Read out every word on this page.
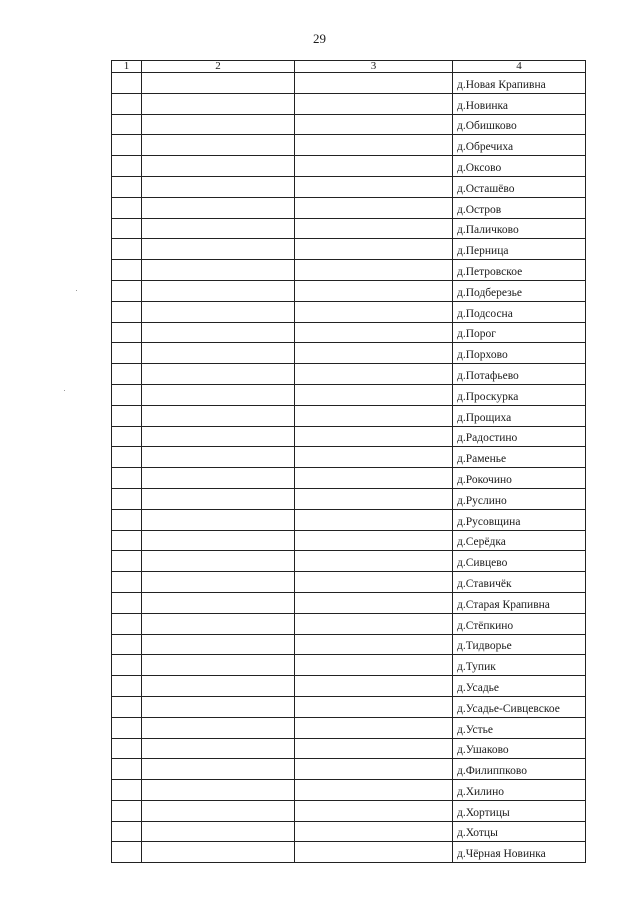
29
1	2	3	4
			д.Новая Крапивна
			д.Новинка
			д.Обишково
			д.Обречиха
			д.Оксово
			д.Осташёво
			д.Остров
			д.Паличково
			д.Перница
			д.Петровское
			д.Подберезье
			д.Подсосна
			д.Порог
			д.Порхово
			д.Потафьево
			д.Проскурка
			д.Прощиха
			д.Радостино
			д.Раменье
			д.Рокочино
			д.Руслино
			д.Русовщина
			д.Серёдка
			д.Сивцево
			д.Ставичёк
			д.Старая Крапивна
			д.Стёпкино
			д.Тидворье
			д.Тупик
			д.Усадье
			д.Усадье-Сивцевское
			д.Устье
			д.Ушаково
			д.Филиппково
			д.Хилино
			д.Хортицы
			д.Хотцы
			д.Чёрная Новинка
